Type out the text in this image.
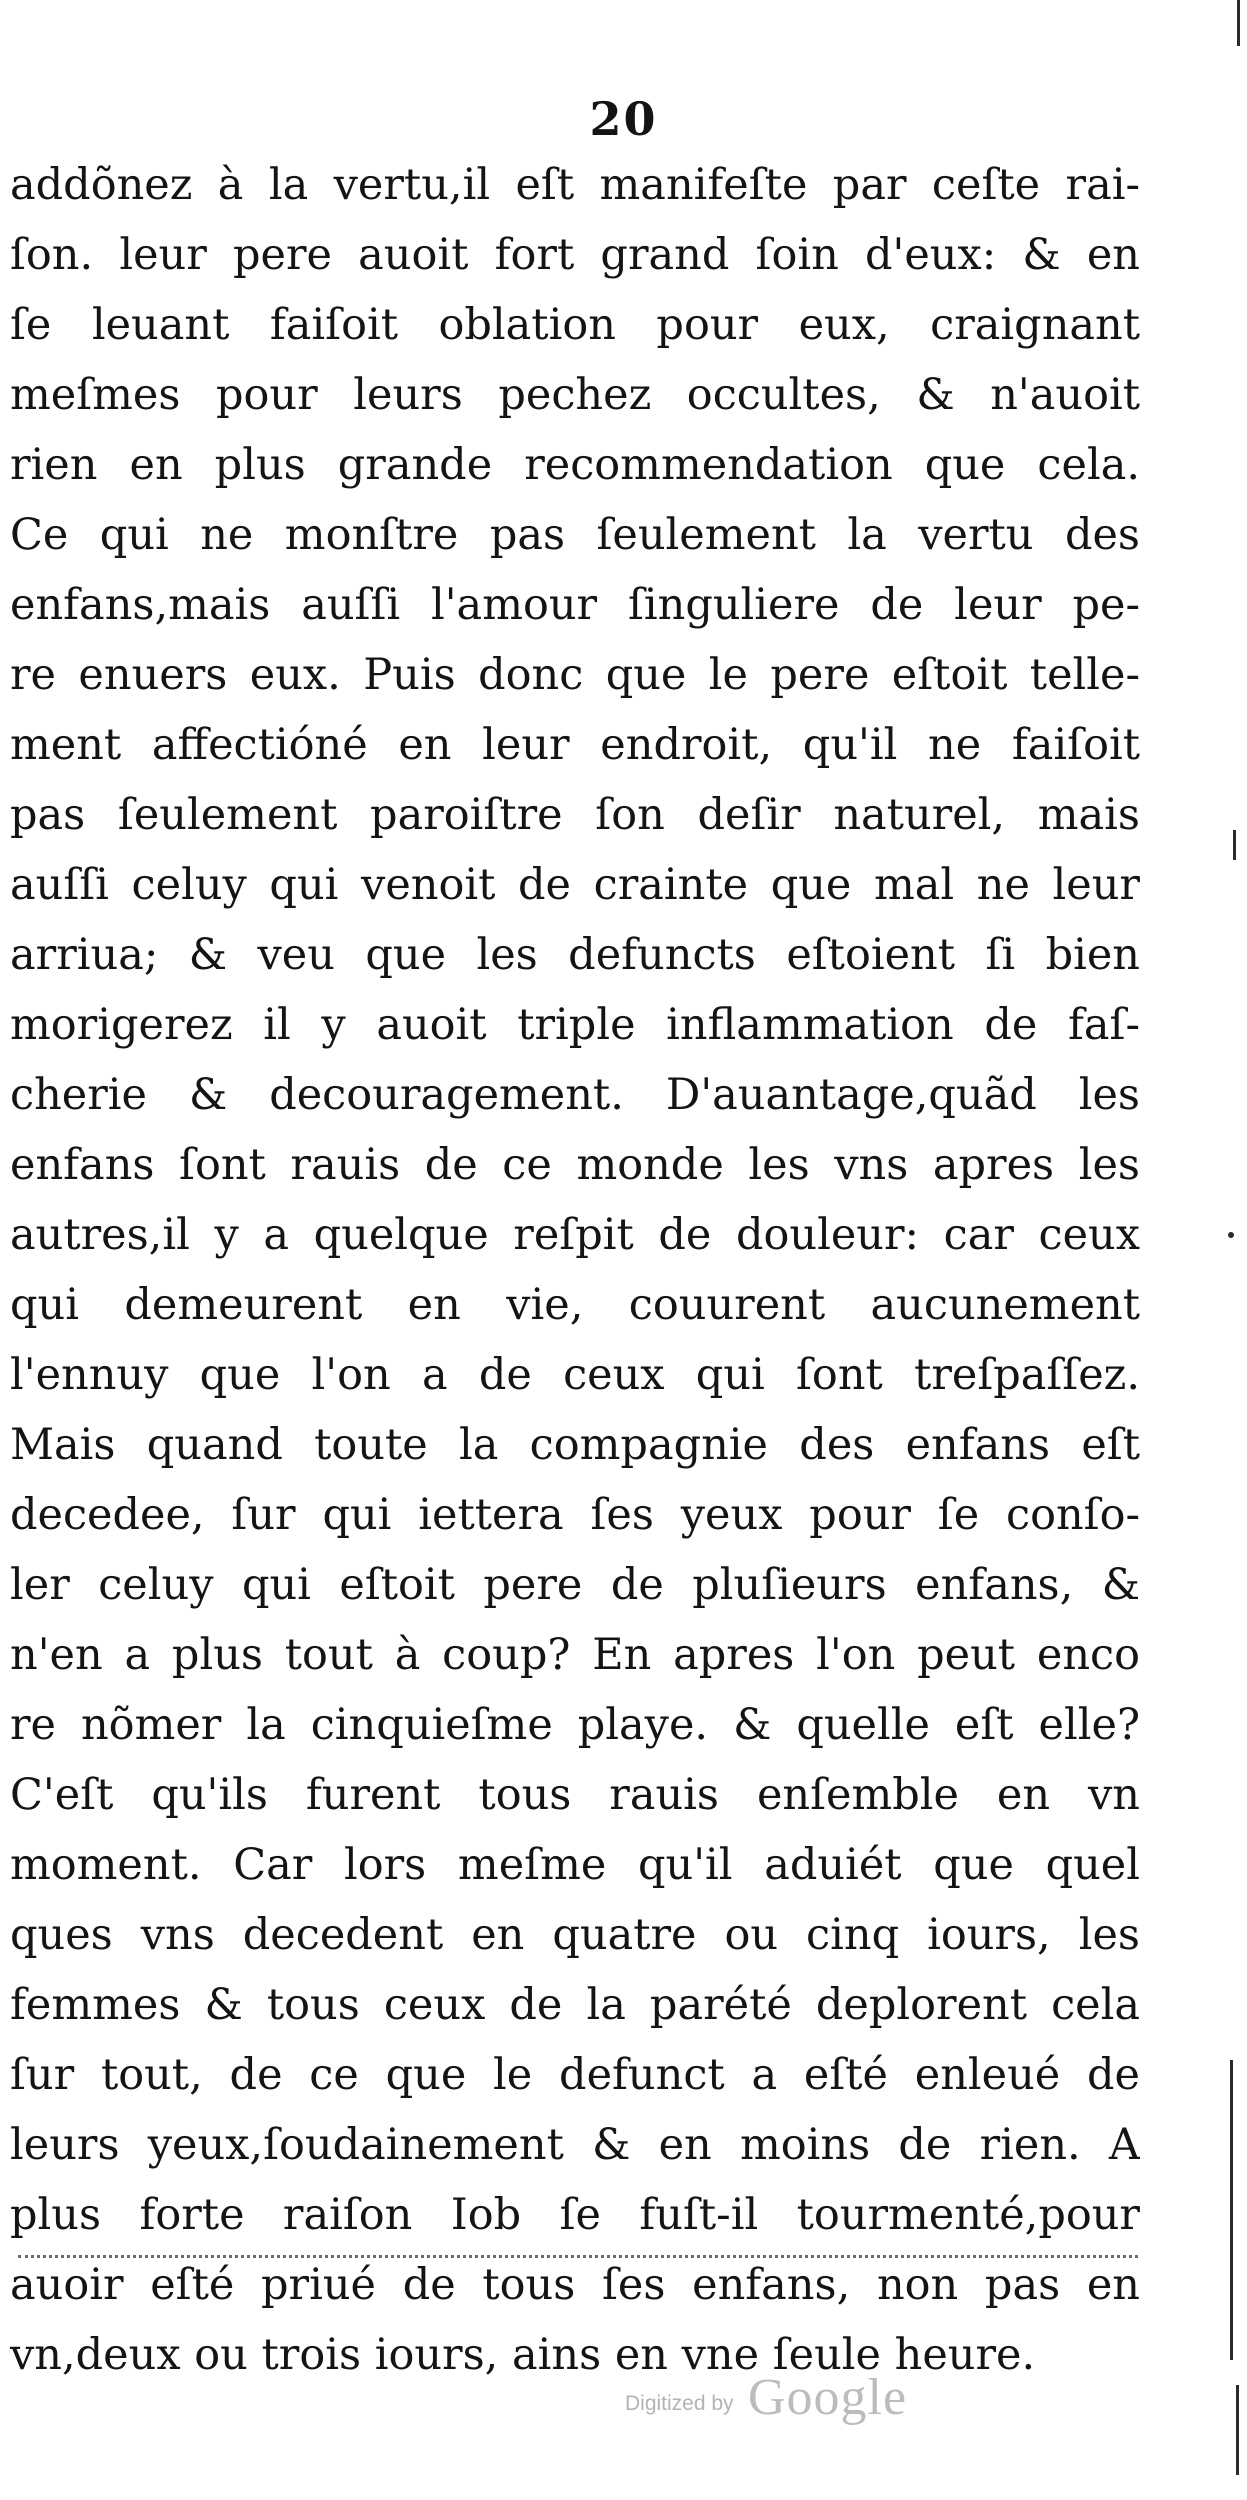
20
addõnez à la vertu,il eſt manifeſte par ceſte rai-
ſon. leur pere auoit fort grand ſoin d'eux: & en
ſe leuant faiſoit oblation pour eux, craignant
meſmes pour leurs pechez occultes, & n'auoit
rien en plus grande recommendation que cela.
Ce qui ne monſtre pas ſeulement la vertu des
enfans,mais auſſi l'amour ſinguliere de leur pe-
re enuers eux. Puis donc que le pere eſtoit telle-
ment affectióné en leur endroit, qu'il ne faiſoit
pas ſeulement paroiſtre ſon deſir naturel, mais
auſſi celuy qui venoit de crainte que mal ne leur
arriua; & veu que les defuncts eſtoient ſi bien
morigerez il y auoit triple inflammation de faſ-
cherie & decouragement. D'auantage,quãd les
enfans ſont rauis de ce monde les vns apres les
autres,il y a quelque reſpit de douleur: car ceux
qui demeurent en vie, couurent aucunement
l'ennuy que l'on a de ceux qui ſont treſpaſſez.
Mais quand toute la compagnie des enfans eſt
decedee, ſur qui iettera ſes yeux pour ſe conſo-
ler celuy qui eſtoit pere de pluſieurs enfans, &
n'en a plus tout à coup? En apres l'on peut enco
re nõmer la cinquieſme playe. & quelle eſt elle?
C'eſt qu'ils furent tous rauis enſemble en vn
moment. Car lors meſme qu'il aduiét que quel
ques vns decedent en quatre ou cinq iours, les
femmes & tous ceux de la parété deplorent cela
ſur tout, de ce que le defunct a eſté enleué de
leurs yeux,ſoudainement & en moins de rien. A
plus forte raiſon Iob ſe fuſt-il tourmenté,pour
auoir eſté priué de tous ſes enfans, non pas en
vn,deux ou trois iours, ains en vne ſeule heure.
Digitized by Google
